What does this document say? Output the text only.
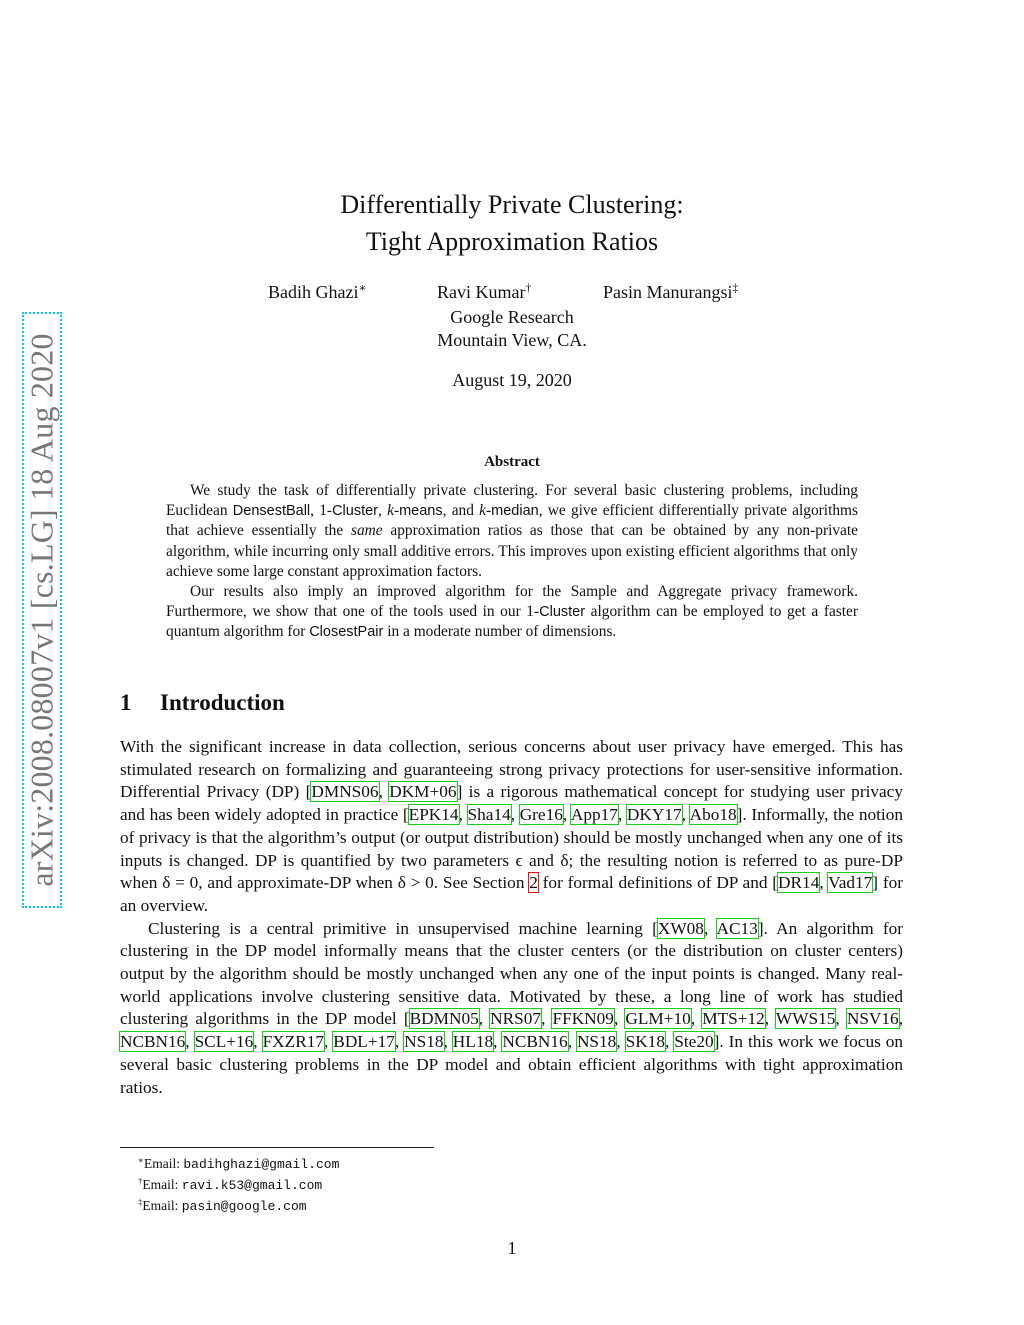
arXiv:2008.08007v1 [cs.LG] 18 Aug 2020
Differentially Private Clustering:
Tight Approximation Ratios
Badih Ghazi∗	Ravi Kumar†	Pasin Manurangsi‡
Google Research
Mountain View, CA.
August 19, 2020
Abstract

We study the task of differentially private clustering. For several basic clustering problems, including Euclidean DensestBall, 1-Cluster, k-means, and k-median, we give efficient differentially private algorithms that achieve essentially the same approximation ratios as those that can be obtained by any non-private algorithm, while incurring only small additive errors. This improves upon existing efficient algorithms that only achieve some large constant approximation factors.

Our results also imply an improved algorithm for the Sample and Aggregate privacy framework. Furthermore, we show that one of the tools used in our 1-Cluster algorithm can be employed to get a faster quantum algorithm for ClosestPair in a moderate number of dimensions.

1 Introduction

With the significant increase in data collection, serious concerns about user privacy have emerged. This has stimulated research on formalizing and guaranteeing strong privacy protections for user-sensitive information. Differential Privacy (DP) [DMNS06, DKM+06] is a rigorous mathematical concept for studying user privacy and has been widely adopted in practice [EPK14, Sha14, Gre16, App17, DKY17, Abo18]. Informally, the notion of privacy is that the algorithm’s output (or output distribution) should be mostly unchanged when any one of its inputs is changed. DP is quantified by two parameters ϵ and δ; the resulting notion is referred to as pure-DP when δ = 0, and approximate-DP when δ > 0. See Section 2 for formal definitions of DP and [DR14, Vad17] for an overview.

Clustering is a central primitive in unsupervised machine learning [XW08, AC13]. An algorithm for clustering in the DP model informally means that the cluster centers (or the distribution on cluster centers) output by the algorithm should be mostly unchanged when any one of the input points is changed. Many real-world applications involve clustering sensitive data. Motivated by these, a long line of work has studied clustering algorithms in the DP model [BDMN05, NRS07, FFKN09, GLM+10, MTS+12, WWS15, NSV16, NCBN16, SCL+16, FXZR17, BDL+17, NS18, HL18, NCBN16, NS18, SK18, Ste20]. In this work we focus on several basic clustering problems in the DP model and obtain efficient algorithms with tight approximation ratios.

∗Email: badihghazi@gmail.com
†Email: ravi.k53@gmail.com
‡Email: pasin@google.com
1
